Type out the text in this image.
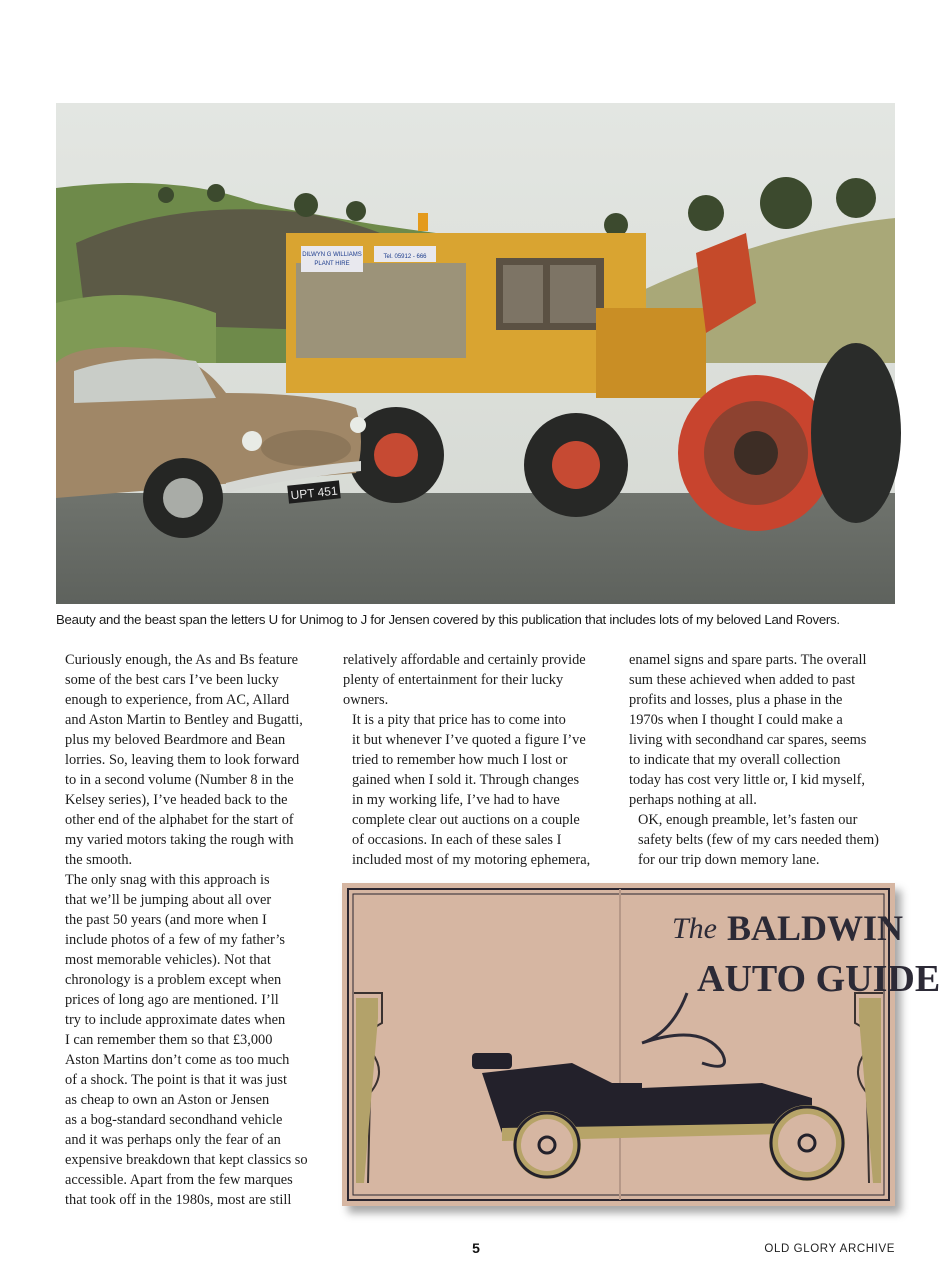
DILWYN G WILLIAMS
PLANT HIRE
Tel. 05912 - 666
UPT 451
Beauty and the beast span the letters U for Unimog to J for Jensen covered by this publication that includes lots of my beloved Land Rovers.

Curiously enough, the As and Bs feature
some of the best cars I’ve been lucky
enough to experience, from AC, Allard
and Aston Martin to Bentley and Bugatti,
plus my beloved Beardmore and Bean
lorries. So, leaving them to look forward
to in a second volume (Number 8 in the
Kelsey series), I’ve headed back to the
other end of the alphabet for the start of
my varied motors taking the rough with
the smooth.

The only snag with this approach is
that we’ll be jumping about all over
the past 50 years (and more when I
include photos of a few of my father’s
most memorable vehicles). Not that
chronology is a problem except when
prices of long ago are mentioned. I’ll
try to include approximate dates when
I can remember them so that £3,000
Aston Martins don’t come as too much
of a shock. The point is that it was just
as cheap to own an Aston or Jensen
as a bog-standard secondhand vehicle
and it was perhaps only the fear of an
expensive breakdown that kept classics so
accessible. Apart from the few marques
that took off in the 1980s, most are still

relatively affordable and certainly provide
plenty of entertainment for their lucky
owners.

It is a pity that price has to come into
it but whenever I’ve quoted a figure I’ve
tried to remember how much I lost or
gained when I sold it. Through changes
in my working life, I’ve had to have
complete clear out auctions on a couple
of occasions. In each of these sales I
included most of my motoring ephemera,

enamel signs and spare parts. The overall
sum these achieved when added to past
profits and losses, plus a phase in the
1970s when I thought I could make a
living with secondhand car spares, seems
to indicate that my overall collection
today has cost very little or, I kid myself,
perhaps nothing at all.

OK, enough preamble, let’s fasten our
safety belts (few of my cars needed them)
for our trip down memory lane.

The BALDWIN
AUTO GUIDE
5	OLD GLORY ARCHIVE
